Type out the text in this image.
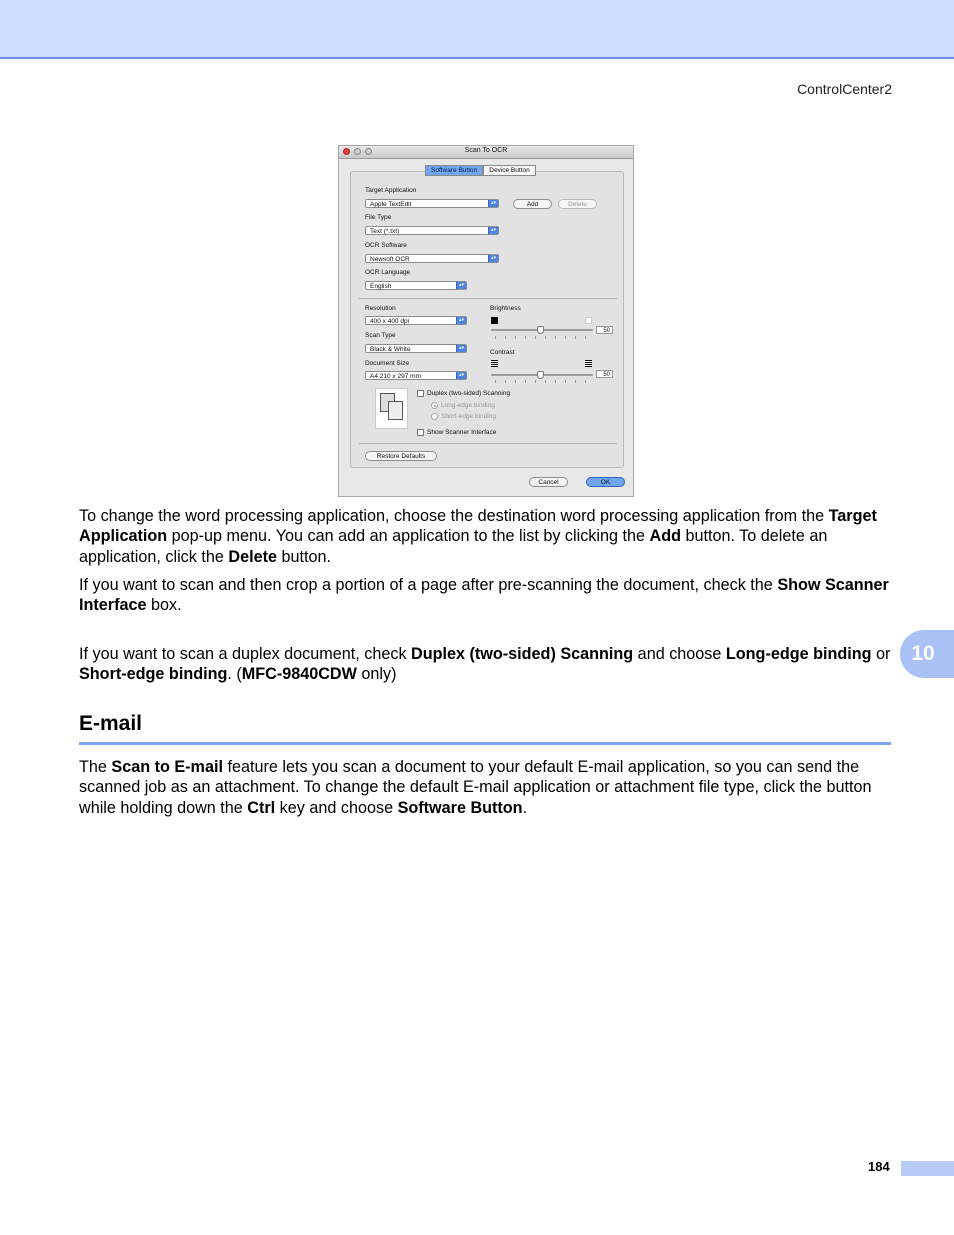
ControlCenter2
10
Scan To OCR
Software Button	Device Button
Target Application
Apple TextEdit	▴▾	Add	Delete
File Type
Text (*.txt)	▴▾
OCR Software
Newsoft OCR	▴▾
OCR Language
English	▴▾
Resolution
400 x 400 dpi	▴▾
Scan Type
Black & White	▴▾
Document Size
A4 210 x 297 mm	▴▾
Brightness
50
Contrast
50
Duplex (two-sided) Scanning
Long-edge binding
Short-edge binding
Show Scanner Interface
Restore Defaults
Cancel	OK

To change the word processing application, choose the destination word processing application from the Target Application pop-up menu. You can add an application to the list by clicking the Add button. To delete an application, click the Delete button.

If you want to scan and then crop a portion of a page after pre-scanning the document, check the Show Scanner Interface box.

If you want to scan a duplex document, check Duplex (two-sided) Scanning and choose Long-edge binding or Short-edge binding. (MFC-9840CDW only)

E-mail

The Scan to E-mail feature lets you scan a document to your default E-mail application, so you can send the scanned job as an attachment. To change the default E-mail application or attachment file type, click the button while holding down the Ctrl key and choose Software Button.

184
